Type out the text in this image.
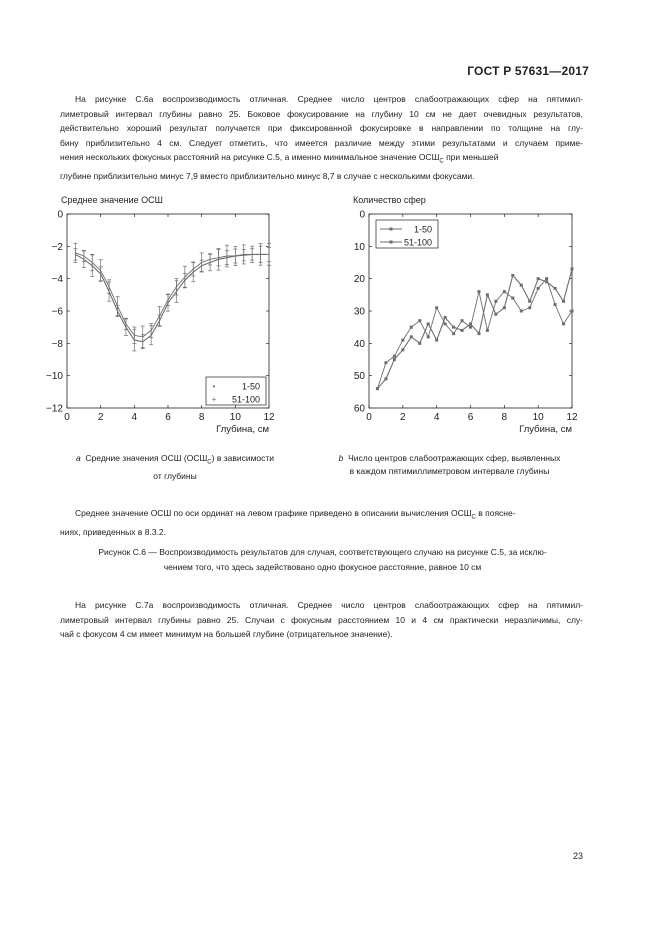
ГОСТ Р 57631—2017
На рисунке С.6а воспроизводимость отличная. Среднее число центров слабоотражающих сфер на пятимил-
лиметровый интервал глубины равно 25. Боковое фокусирование на глубину 10 см не дает очевидных результатов,
действительно хороший результат получается при фиксированной фокусировке в направлении по толщине на глу-
бину приблизительно 4 см. Следует отметить, что имеется различие между этими результатами и случаем приме-
нения нескольких фокусных расстояний на рисунке С.5, а именно минимальное значение $ОСШ_C$ при меньшей
глубине приблизительно минус 7,9 вместо приблизительно минус 8,7 в случае с несколькими фокусами.
Среднее значение ОСШ	Количество сфер
0	2	4	6	8	10 12
0
−2
−4
−6
−8
−10
−12
Глубина, см
•	1-50
+ 51-100
0	2	4	6	8	10 12
0
10
20
30
40
50
60
Глубина, см
1-50
51-100
a Средние значения ОСШ $(ОСШ_C)$ в зависимости
от глубины
b Число центров слабоотражающих сфер, выявленных
в каждом пятимиллиметровом интервале глубины
Среднее значение ОСШ по оси ординат на левом графике приведено в описании вычисления $ОСШ_C$ в поясне-
ниях, приведенных в 8.3.2.
Рисунок С.6 — Воспроизводимость результатов для случая, соответствующего случаю на рисунке С.5, за исклю-
чением того, что здесь задействовано одно фокусное расстояние, равное 10 см
На рисунке С.7а воспроизводимость отличная. Среднее число центров слабоотражающих сфер на пятимил-
лиметровый интервал глубины равно 25. Случаи с фокусным расстоянием 10 и 4 см практически неразличимы, слу-
чай с фокусом 4 см имеет минимум на большей глубине (отрицательное значение).
23
